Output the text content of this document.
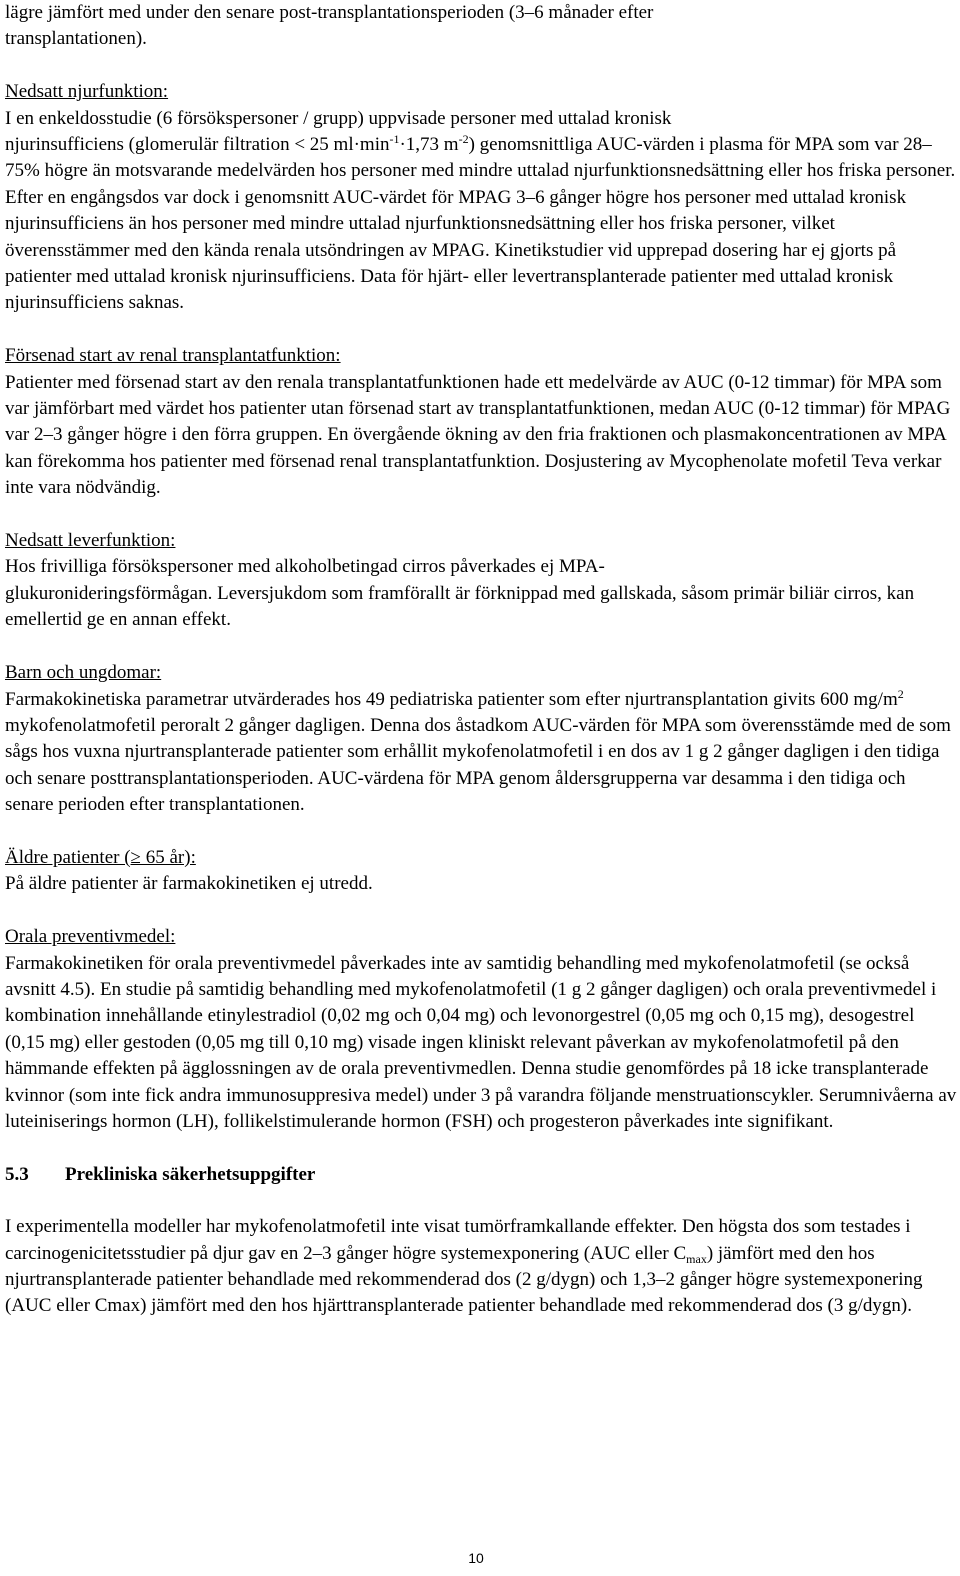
lägre jämfört med under den senare post-transplantationsperioden (3–6 månader efter
transplantationen).

Nedsatt njurfunktion:

I en enkeldosstudie (6 försökspersoner / grupp) uppvisade personer med uttalad kronisk
njurinsufficiens (glomerulär filtration < 25 $ml\cdot\min^{-1}\cdot 1,73$ $m^{-2}$) genomsnittliga AUC-värden i plasma för MPA som var 28–75% högre än motsvarande medelvärden hos personer med mindre uttalad njurfunktionsnedsättning eller hos friska personer. Efter en engångsdos var dock i genomsnitt AUC-värdet för MPAG 3–6 gånger högre hos personer med uttalad kronisk njurinsufficiens än hos personer med mindre uttalad njurfunktionsnedsättning eller hos friska personer, vilket överensstämmer med den kända renala utsöndringen av MPAG. Kinetikstudier vid upprepad dosering har ej gjorts på patienter med uttalad kronisk njurinsufficiens. Data för hjärt- eller levertransplanterade patienter med uttalad kronisk njurinsufficiens saknas.

Försenad start av renal transplantatfunktion:

Patienter med försenad start av den renala transplantatfunktionen hade ett medelvärde av AUC (0-12 timmar) för MPA som var jämförbart med värdet hos patienter utan försenad start av transplantatfunktionen, medan AUC (0-12 timmar) för MPAG var 2–3 gånger högre i den förra gruppen. En övergående ökning av den fria fraktionen och plasmakoncentrationen av MPA kan förekomma hos patienter med försenad renal transplantatfunktion. Dosjustering av Mycophenolate mofetil Teva verkar inte vara nödvändig.

Nedsatt leverfunktion:

Hos frivilliga försökspersoner med alkoholbetingad cirros påverkades ej MPA-
glukuronideringsförmågan. Leversjukdom som framförallt är förknippad med gallskada, såsom primär biliär cirros, kan emellertid ge en annan effekt.

Barn och ungdomar:

Farmakokinetiska parametrar utvärderades hos 49 pediatriska patienter som efter njurtransplantation givits 600 $mg/m^2$ mykofenolatmofetil peroralt 2 gånger dagligen. Denna dos åstadkom AUC-värden för MPA som överensstämde med de som sågs hos vuxna njurtransplanterade patienter som erhållit mykofenolatmofetil i en dos av 1 g 2 gånger dagligen i den tidiga och senare posttransplantationsperioden. AUC-värdena för MPA genom åldersgrupperna var desamma i den tidiga och senare perioden efter transplantationen.

Äldre patienter (≥ 65 år):

På äldre patienter är farmakokinetiken ej utredd.

Orala preventivmedel:

Farmakokinetiken för orala preventivmedel påverkades inte av samtidig behandling med mykofenolatmofetil (se också avsnitt 4.5). En studie på samtidig behandling med mykofenolatmofetil (1 g 2 gånger dagligen) och orala preventivmedel i kombination innehållande etinylestradiol (0,02 mg och 0,04 mg) och levonorgestrel (0,05 mg och 0,15 mg), desogestrel (0,15 mg) eller gestoden (0,05 mg till 0,10 mg) visade ingen kliniskt relevant påverkan av mykofenolatmofetil på den hämmande effekten på ägglossningen av de orala preventivmedlen. Denna studie genomfördes på 18 icke transplanterade kvinnor (som inte fick andra immunosuppresiva medel) under 3 på varandra följande menstruationscykler. Serumnivåerna av luteiniserings hormon (LH), follikelstimulerande hormon (FSH) och progesteron påverkades inte signifikant.

5.3 Prekliniska säkerhetsuppgifter

I experimentella modeller har mykofenolatmofetil inte visat tumörframkallande effekter. Den högsta dos som testades i carcinogenicitetsstudier på djur gav en 2–3 gånger högre systemexponering (AUC eller $C_{max}$) jämfört med den hos njurtransplanterade patienter behandlade med rekommenderad dos (2 g/dygn) och 1,3–2 gånger högre systemexponering (AUC eller Cmax) jämfört med den hos hjärttransplanterade patienter behandlade med rekommenderad dos (3 g/dygn).

10
